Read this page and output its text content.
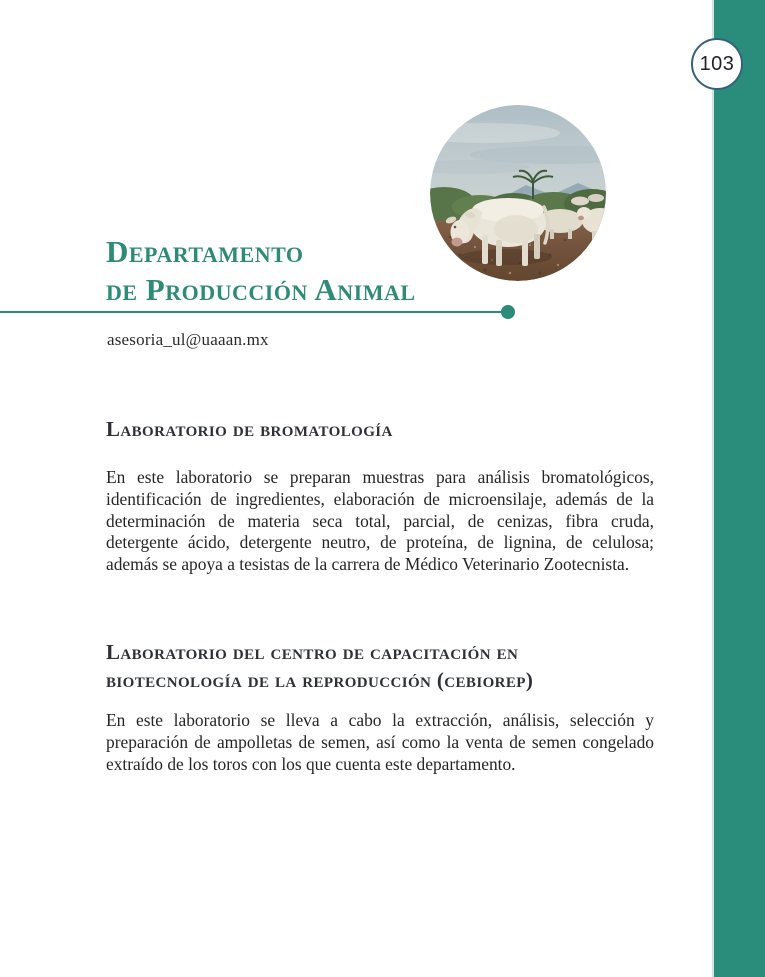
103
Departamento
de Producción Animal
asesoria_ul@uaaan.mx
Laboratorio de bromatología

En este laboratorio se preparan muestras para análisis bromatológicos, identificación de ingredientes, elaboración de microensilaje, además de la determinación de materia seca total, parcial, de cenizas, fibra cruda, detergente ácido, detergente neutro, de proteína, de lignina, de celulosa; además se apoya a tesistas de la carrera de Médico Veterinario Zootecnista.

Laboratorio del centro de capacitación en biotecnología de la reproducción (cebiorep)

En este laboratorio se lleva a cabo la extracción, análisis, selección y preparación de ampolletas de semen, así como la venta de semen congelado extraído de los toros con los que cuenta este departamento.
